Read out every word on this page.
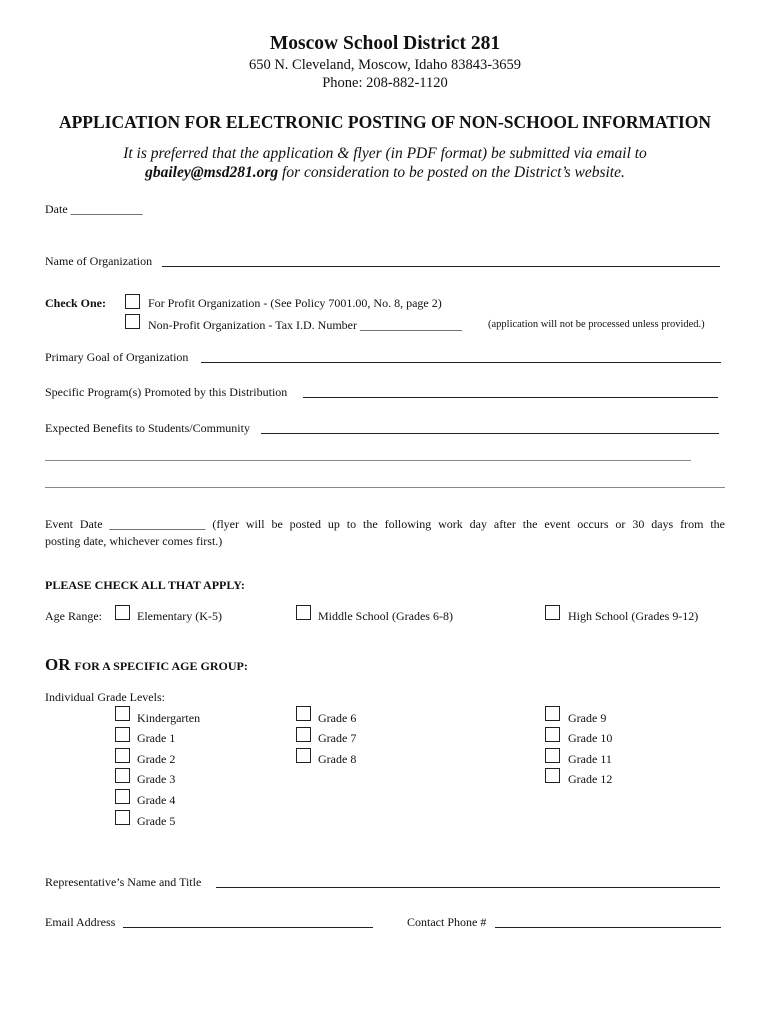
Moscow School District 281
650 N. Cleveland, Moscow, Idaho 83843-3659
Phone: 208-882-1120
APPLICATION FOR ELECTRONIC POSTING OF NON-SCHOOL INFORMATION
It is preferred that the application & flyer (in PDF format) be submitted via email to
gbailey@msd281.org for consideration to be posted on the District’s website.
Date ____________
Name of Organization
Check One:	For Profit Organization - (See Policy 7001.00, No. 8, page 2)
Non-Profit Organization - Tax I.D. Number _________________ (application will not be processed unless provided.)
Primary Goal of Organization
Specific Program(s) Promoted by this Distribution
Expected Benefits to Students/Community
Event Date ________________ (flyer will be posted up to the following work day after the event occurs or 30 days from the
posting date, whichever comes first.)
PLEASE CHECK ALL THAT APPLY:
Age Range:	Elementary (K-5)	Middle School (Grades 6-8)	High School (Grades 9-12)
OR FOR A SPECIFIC AGE GROUP:
Individual Grade Levels:
Kindergarten
Grade 1
Grade 2
Grade 3
Grade 4
Grade 5
Grade 6
Grade 7
Grade 8
Grade 9
Grade 10
Grade 11
Grade 12
Representative’s Name and Title
Email Address	Contact Phone #
